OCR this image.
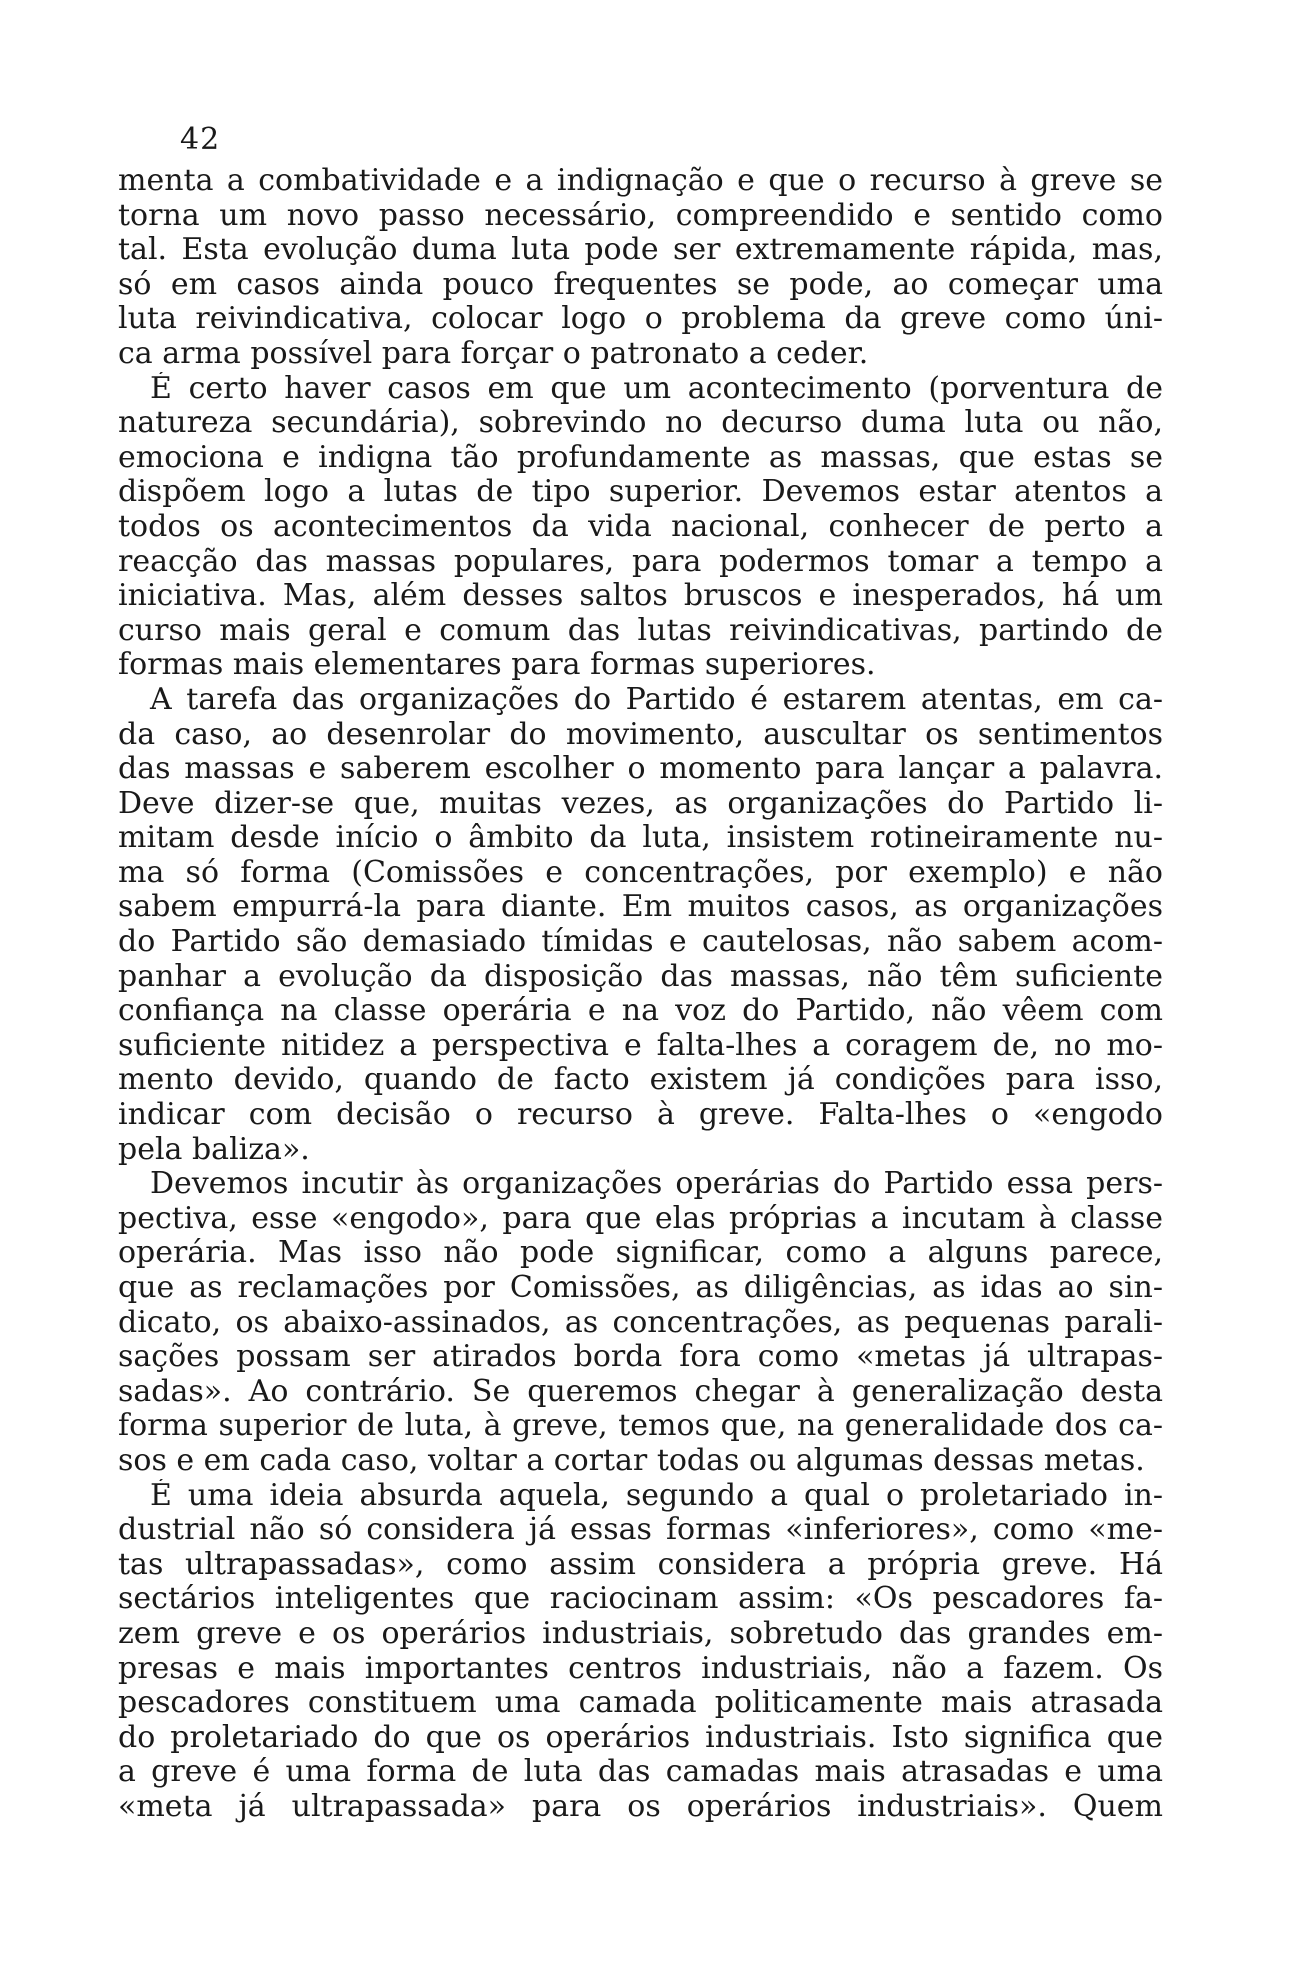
42
menta a combatividade e a indignação e que o recurso à greve se
torna um novo passo necessário, compreendido e sentido como
tal. Esta evolução duma luta pode ser extremamente rápida, mas,
só em casos ainda pouco frequentes se pode, ao começar uma
luta reivindicativa, colocar logo o problema da greve como úni-
ca arma possível para forçar o patronato a ceder.
É certo haver casos em que um acontecimento (porventura de
natureza secundária), sobrevindo no decurso duma luta ou não,
emociona e indigna tão profundamente as massas, que estas se
dispõem logo a lutas de tipo superior. Devemos estar atentos a
todos os acontecimentos da vida nacional, conhecer de perto a
reacção das massas populares, para podermos tomar a tempo a
iniciativa. Mas, além desses saltos bruscos e inesperados, há um
curso mais geral e comum das lutas reivindicativas, partindo de
formas mais elementares para formas superiores.
A tarefa das organizações do Partido é estarem atentas, em ca-
da caso, ao desenrolar do movimento, auscultar os sentimentos
das massas e saberem escolher o momento para lançar a palavra.
Deve dizer-se que, muitas vezes, as organizações do Partido li-
mitam desde início o âmbito da luta, insistem rotineiramente nu-
ma só forma (Comissões e concentrações, por exemplo) e não
sabem empurrá-la para diante. Em muitos casos, as organizações
do Partido são demasiado tímidas e cautelosas, não sabem acom-
panhar a evolução da disposição das massas, não têm suficiente
confiança na classe operária e na voz do Partido, não vêem com
suficiente nitidez a perspectiva e falta-lhes a coragem de, no mo-
mento devido, quando de facto existem já condições para isso,
indicar com decisão o recurso à greve. Falta-lhes o «engodo
pela baliza».
Devemos incutir às organizações operárias do Partido essa pers-
pectiva, esse «engodo», para que elas próprias a incutam à classe
operária. Mas isso não pode significar, como a alguns parece,
que as reclamações por Comissões, as diligências, as idas ao sin-
dicato, os abaixo-assinados, as concentrações, as pequenas parali-
sações possam ser atirados borda fora como «metas já ultrapas-
sadas». Ao contrário. Se queremos chegar à generalização desta
forma superior de luta, à greve, temos que, na generalidade dos ca-
sos e em cada caso, voltar a cortar todas ou algumas dessas metas.
É uma ideia absurda aquela, segundo a qual o proletariado in-
dustrial não só considera já essas formas «inferiores», como «me-
tas ultrapassadas», como assim considera a própria greve. Há
sectários inteligentes que raciocinam assim: «Os pescadores fa-
zem greve e os operários industriais, sobretudo das grandes em-
presas e mais importantes centros industriais, não a fazem. Os
pescadores constituem uma camada politicamente mais atrasada
do proletariado do que os operários industriais. Isto significa que
a greve é uma forma de luta das camadas mais atrasadas e uma
«meta já ultrapassada» para os operários industriais». Quem
